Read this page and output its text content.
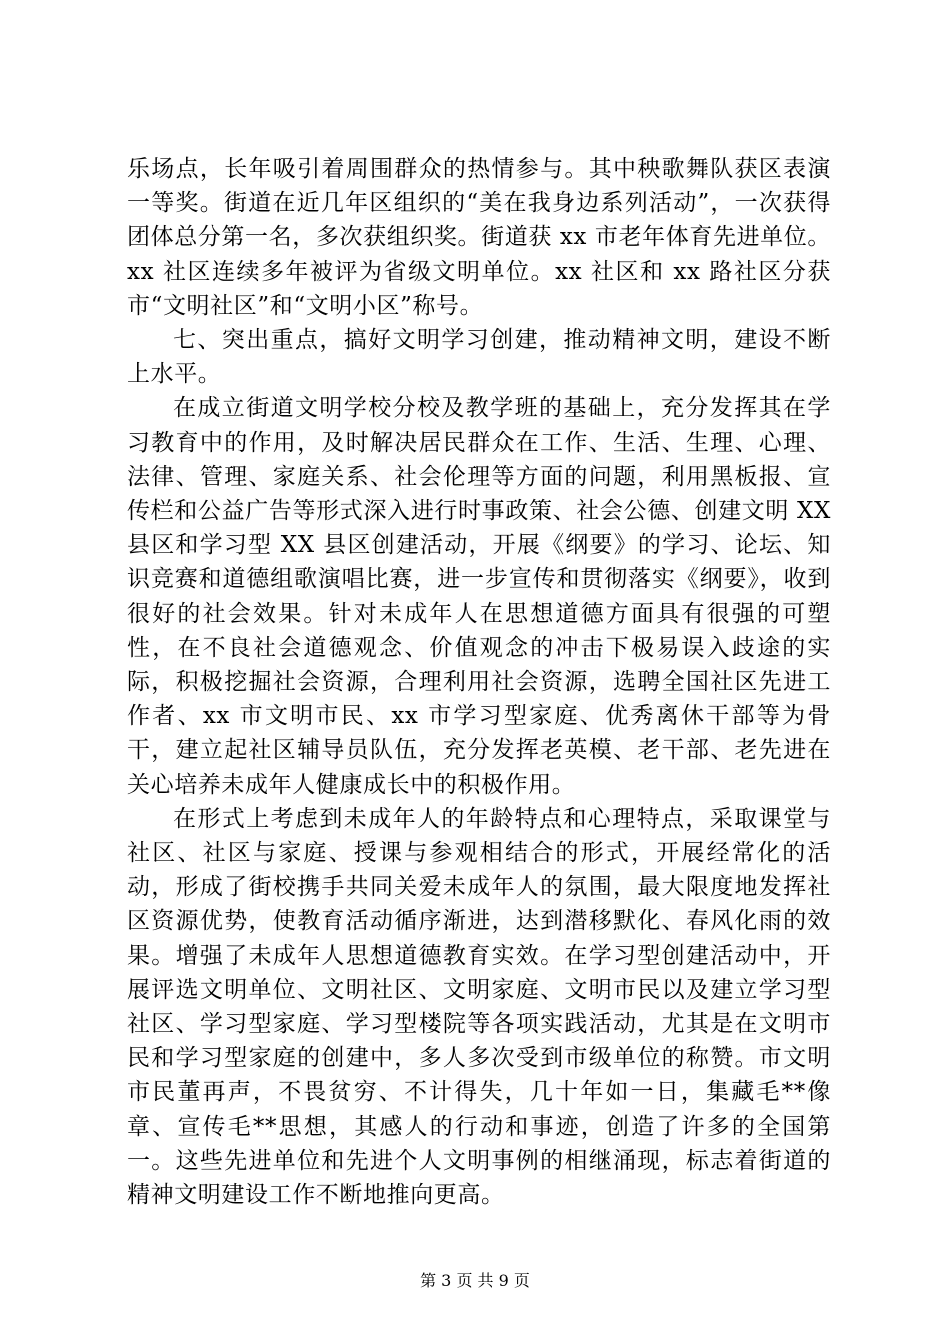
乐场点，长年吸引着周围群众的热情参与。其中秧歌舞队获区表演一等奖。街道在近几年区组织的“美在我身边系列活动”，一次获得团体总分第一名，多次获组织奖。街道获 xx 市老年体育先进单位。xx 社区连续多年被评为省级文明单位。xx 社区和 xx 路社区分获市“文明社区”和“文明小区”称号。

七、突出重点，搞好文明学习创建，推动精神文明，建设不断上水平。

在成立街道文明学校分校及教学班的基础上，充分发挥其在学习教育中的作用，及时解决居民群众在工作、生活、生理、心理、法律、管理、家庭关系、社会伦理等方面的问题，利用黑板报、宣传栏和公益广告等形式深入进行时事政策、社会公德、创建文明 XX 县区和学习型 XX 县区创建活动，开展《纲要》的学习、论坛、知识竞赛和道德组歌演唱比赛，进一步宣传和贯彻落实《纲要》，收到很好的社会效果。针对未成年人在思想道德方面具有很强的可塑性，在不良社会道德观念、价值观念的冲击下极易误入歧途的实际，积极挖掘社会资源，合理利用社会资源，选聘全国社区先进工作者、xx 市文明市民、xx 市学习型家庭、优秀离休干部等为骨干，建立起社区辅导员队伍，充分发挥老英模、老干部、老先进在关心培养未成年人健康成长中的积极作用。

在形式上考虑到未成年人的年龄特点和心理特点，采取课堂与社区、社区与家庭、授课与参观相结合的形式，开展经常化的活动，形成了街校携手共同关爱未成年人的氛围，最大限度地发挥社区资源优势，使教育活动循序渐进，达到潜移默化、春风化雨的效果。增强了未成年人思想道德教育实效。在学习型创建活动中，开展评选文明单位、文明社区、文明家庭、文明市民以及建立学习型社区、学习型家庭、学习型楼院等各项实践活动，尤其是在文明市民和学习型家庭的创建中，多人多次受到市级单位的称赞。市文明市民董再声，不畏贫穷、不计得失，几十年如一日，集藏毛**像章、宣传毛**思想，其感人的行动和事迹，创造了许多的全国第一。这些先进单位和先进个人文明事例的相继涌现，标志着街道的精神文明建设工作不断地推向更高。

第 3 页 共 9 页
